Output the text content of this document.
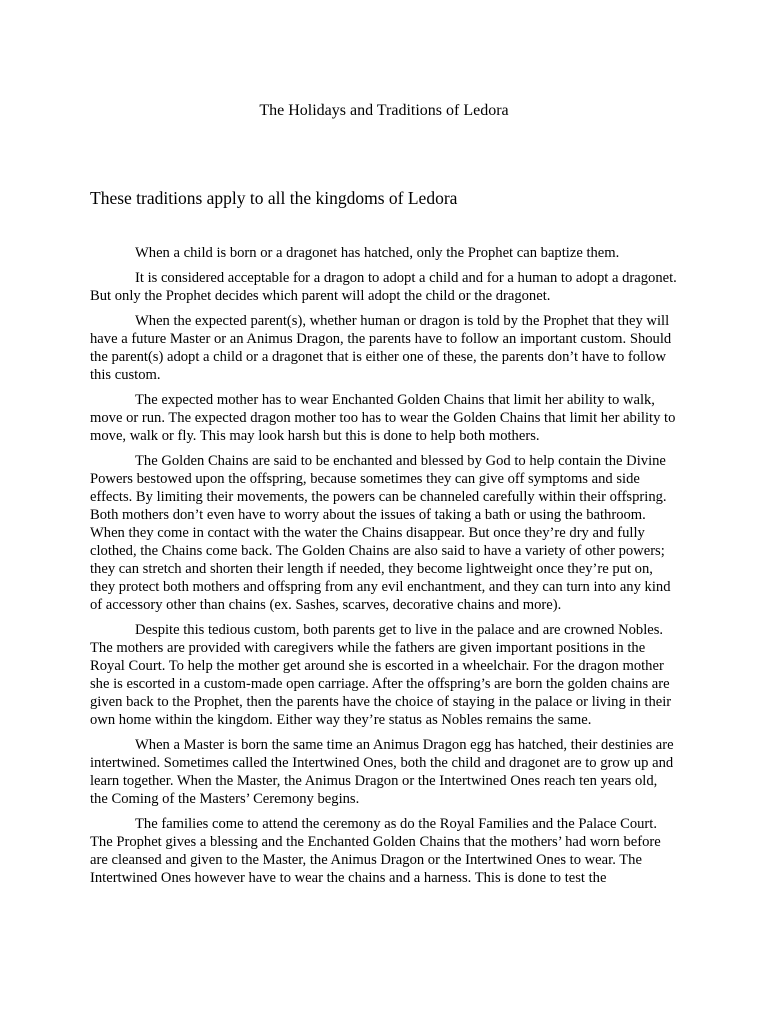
The Holidays and Traditions of Ledora
These traditions apply to all the kingdoms of Ledora

When a child is born or a dragonet has hatched, only the Prophet can baptize them.

It is considered acceptable for a dragon to adopt a child and for a human to adopt a dragonet. But only the Prophet decides which parent will adopt the child or the dragonet.

When the expected parent(s), whether human or dragon is told by the Prophet that they will have a future Master or an Animus Dragon, the parents have to follow an important custom. Should the parent(s) adopt a child or a dragonet that is either one of these, the parents don’t have to follow this custom.

The expected mother has to wear Enchanted Golden Chains that limit her ability to walk, move or run. The expected dragon mother too has to wear the Golden Chains that limit her ability to move, walk or fly. This may look harsh but this is done to help both mothers.

The Golden Chains are said to be enchanted and blessed by God to help contain the Divine Powers bestowed upon the offspring, because sometimes they can give off symptoms and side effects. By limiting their movements, the powers can be channeled carefully within their offspring. Both mothers don’t even have to worry about the issues of taking a bath or using the bathroom. When they come in contact with the water the Chains disappear. But once they’re dry and fully clothed, the Chains come back. The Golden Chains are also said to have a variety of other powers; they can stretch and shorten their length if needed, they become lightweight once they’re put on, they protect both mothers and offspring from any evil enchantment, and they can turn into any kind of accessory other than chains (ex. Sashes, scarves, decorative chains and more).

Despite this tedious custom, both parents get to live in the palace and are crowned Nobles. The mothers are provided with caregivers while the fathers are given important positions in the Royal Court. To help the mother get around she is escorted in a wheelchair. For the dragon mother she is escorted in a custom-made open carriage. After the offspring’s are born the golden chains are given back to the Prophet, then the parents have the choice of staying in the palace or living in their own home within the kingdom. Either way they’re status as Nobles remains the same.

When a Master is born the same time an Animus Dragon egg has hatched, their destinies are intertwined. Sometimes called the Intertwined Ones, both the child and dragonet are to grow up and learn together. When the Master, the Animus Dragon or the Intertwined Ones reach ten years old, the Coming of the Masters’ Ceremony begins.

The families come to attend the ceremony as do the Royal Families and the Palace Court. The Prophet gives a blessing and the Enchanted Golden Chains that the mothers’ had worn before are cleansed and given to the Master, the Animus Dragon or the Intertwined Ones to wear. The Intertwined Ones however have to wear the chains and a harness. This is done to test the
